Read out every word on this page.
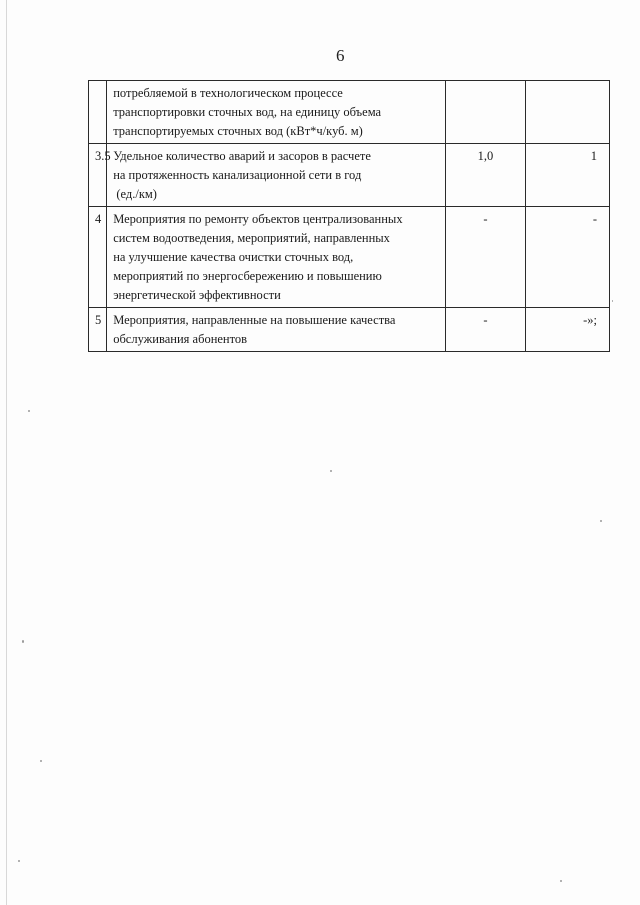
6

	потребляемой в технологическом процессе
транспортировки сточных вод, на единицу объема
транспортируемых сточных вод (кВт*ч/куб. м)		

3.5	Удельное количество аварий и засоров в расчете
на протяженность канализационной сети в год
(ед./км)	1,0	1
4	Мероприятия по ремонту объектов централизованных
систем водоотведения, мероприятий, направленных
на улучшение качества очистки сточных вод,
мероприятий по энергосбережению и повышению
энергетической эффективности	-	-
5	Мероприятия, направленные на повышение качества
обслуживания абонентов	-	-»;
